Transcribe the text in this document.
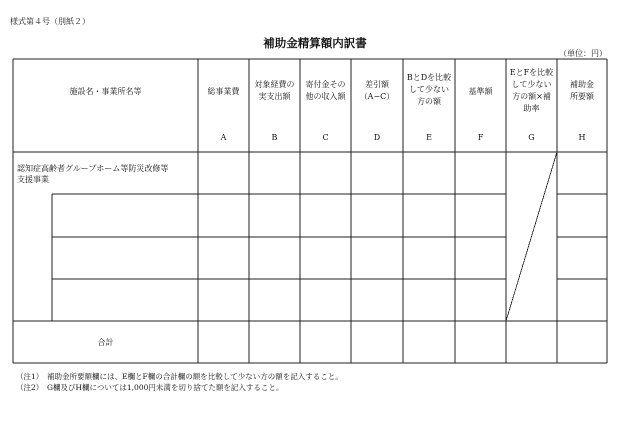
様式第４号（別紙２）
補助金精算額内訳書
（単位：円）
施設名・事業所名等	総事業費
A
対象経費の
実支出額
B
寄付金その
他の収入額
C
差引額
（A−C）
D
BとDを比較
して少ない
方の額
E
基準額
F
EとFを比較
して少ない
方の額×補
助率
G
補助金
所要額
H
認知症高齢者グループホーム等防災改修等
支援事業
合計
（注1）　補助金所要額欄には、E欄とF欄の合計欄の額を比較して少ない方の額を記入すること。
（注2）　G欄及びH欄については1,000円未満を切り捨てた額を記入すること。
